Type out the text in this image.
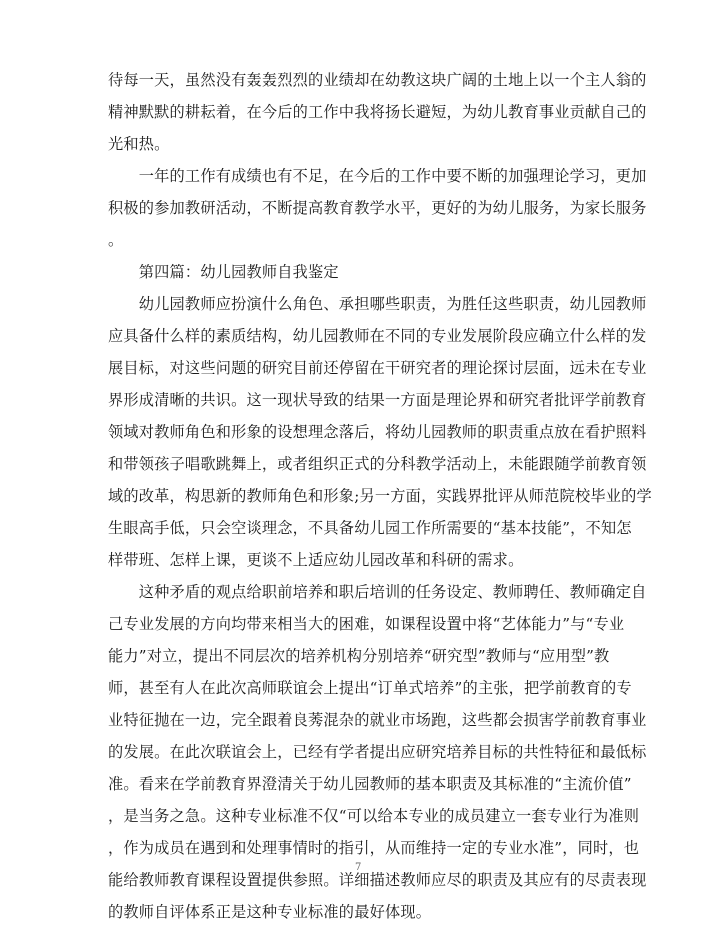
待每一天，虽然没有轰轰烈烈的业绩却在幼教这块广阔的土地上以一个主人翁的
精神默默的耕耘着，在今后的工作中我将扬长避短，为幼儿教育事业贡献自己的
光和热。
　　一年的工作有成绩也有不足，在今后的工作中要不断的加强理论学习，更加
积极的参加教研活动，不断提高教育教学水平，更好的为幼儿服务，为家长服务
。
　　第四篇：幼儿园教师自我鉴定
　　幼儿园教师应扮演什么角色、承担哪些职责，为胜任这些职责，幼儿园教师
应具备什么样的素质结构，幼儿园教师在不同的专业发展阶段应确立什么样的发
展目标，对这些问题的研究目前还停留在干研究者的理论探讨层面，远未在专业
界形成清晰的共识。这一现状导致的结果一方面是理论界和研究者批评学前教育
领域对教师角色和形象的设想理念落后，将幼儿园教师的职责重点放在看护照料
和带领孩子唱歌跳舞上，或者组织正式的分科教学活动上，未能跟随学前教育领
域的改革，构思新的教师角色和形象;另一方面，实践界批评从师范院校毕业的学
生眼高手低，只会空谈理念，不具备幼儿园工作所需要的“基本技能”，不知怎
样带班、怎样上课，更谈不上适应幼儿园改革和科研的需求。
　　这种矛盾的观点给职前培养和职后培训的任务设定、教师聘任、教师确定自
己专业发展的方向均带来相当大的困难，如课程设置中将“艺体能力”与“专业
能力”对立，提出不同层次的培养机构分别培养“研究型”教师与“应用型”教
师，甚至有人在此次高师联谊会上提出“订单式培养”的主张，把学前教育的专
业特征抛在一边，完全跟着良莠混杂的就业市场跑，这些都会损害学前教育事业
的发展。在此次联谊会上，已经有学者提出应研究培养目标的共性特征和最低标
准。看来在学前教育界澄清关于幼儿园教师的基本职责及其标准的“主流价值”
，是当务之急。这种专业标准不仅“可以给本专业的成员建立一套专业行为准则
，作为成员在遇到和处理事情时的指引，从而维持一定的专业水准”，同时，也
能给教师教育课程设置提供参照。详细描述教师应尽的职责及其应有的尽责表现
的教师自评体系正是这种专业标准的最好体现。
7
